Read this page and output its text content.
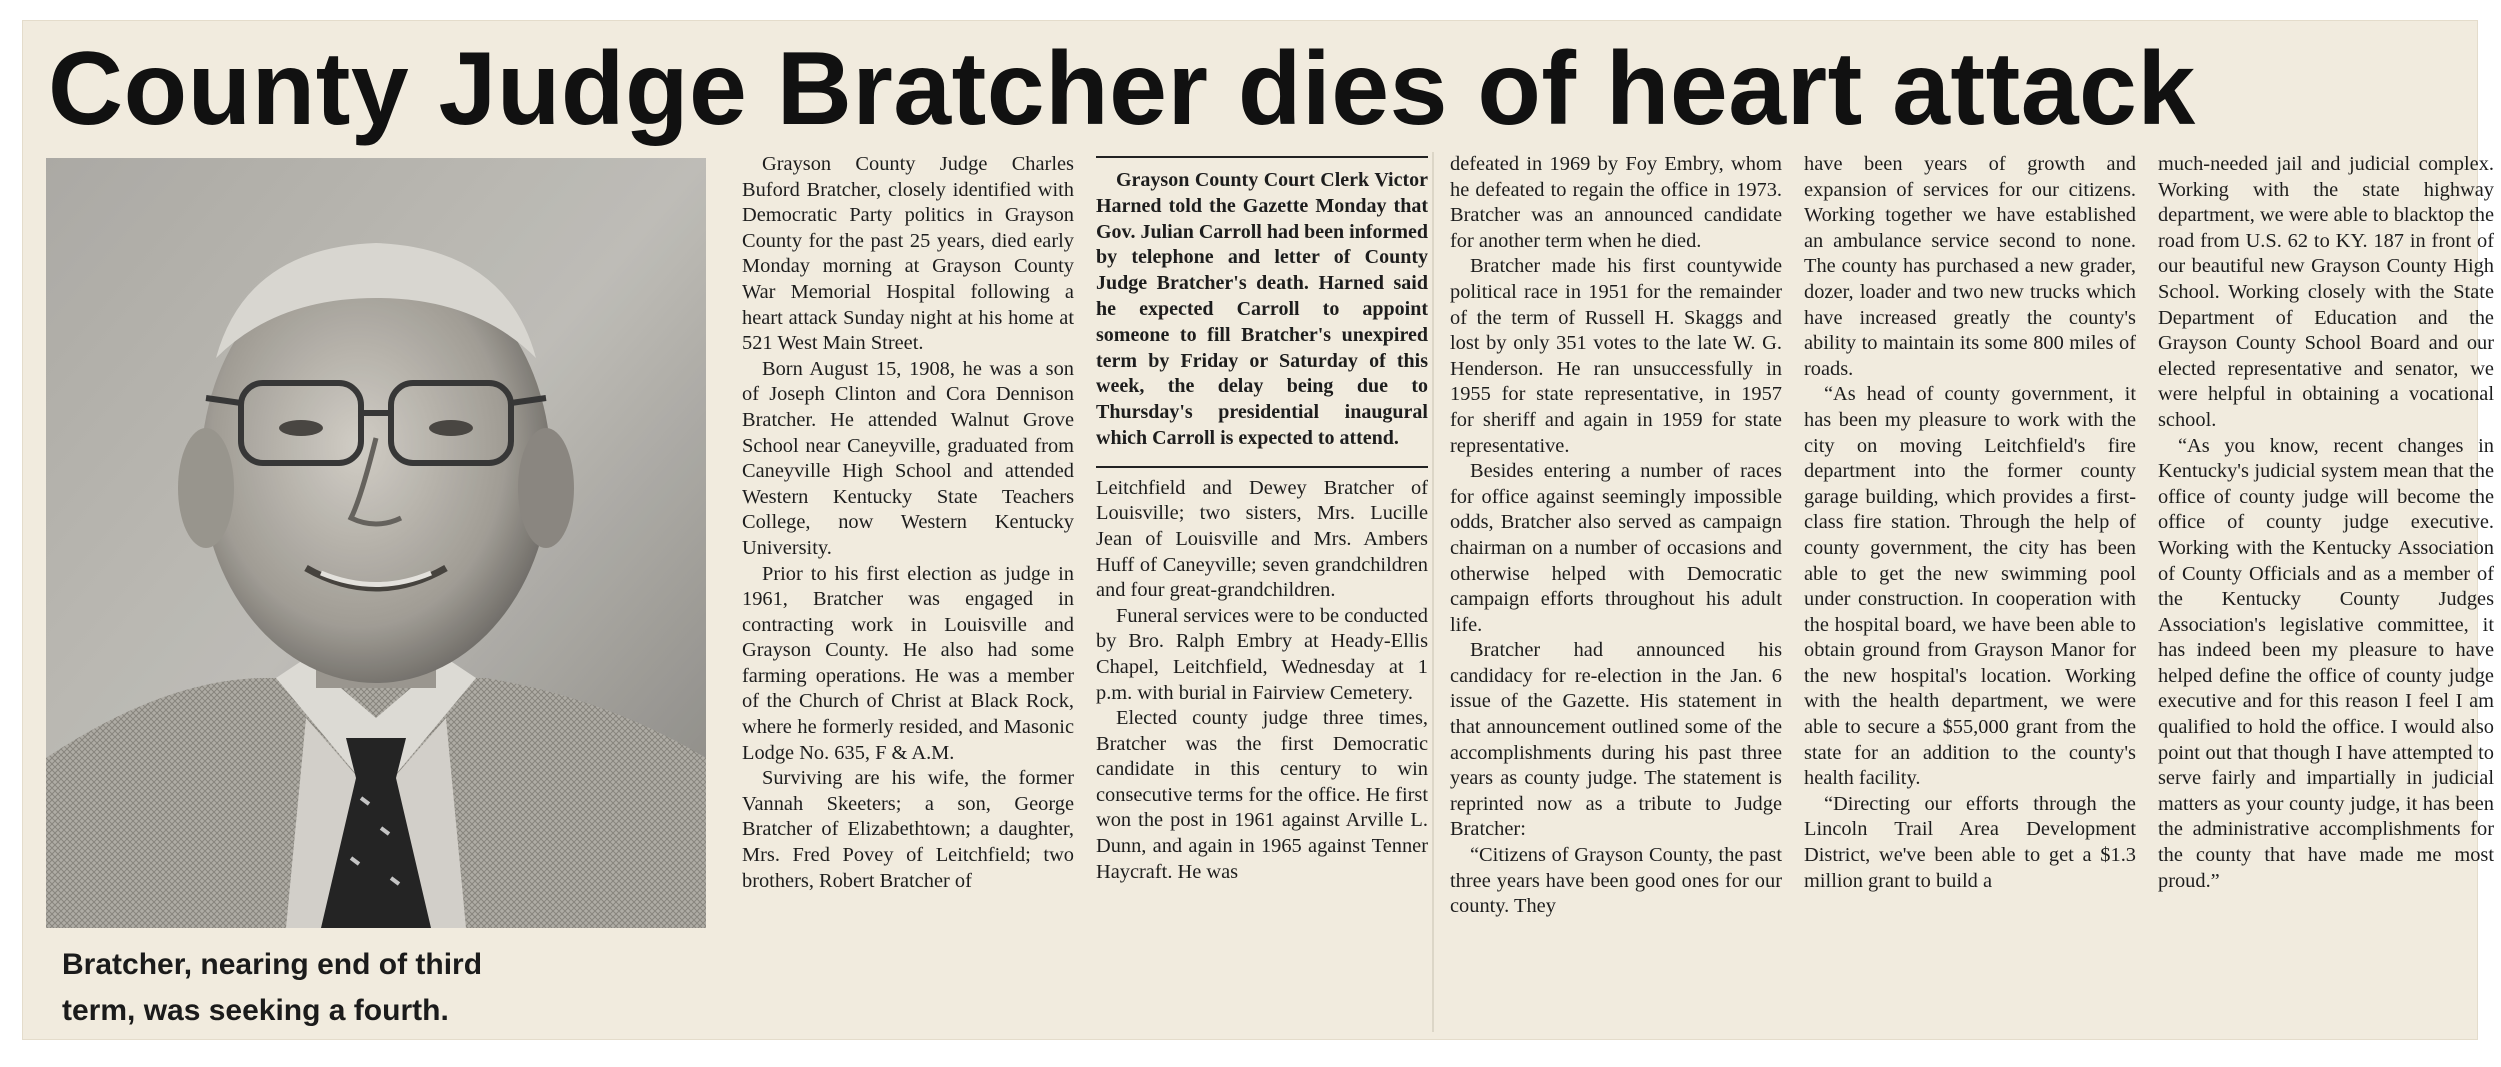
County Judge Bratcher dies of heart attack

Bratcher, nearing end of third
term, was seeking a fourth.

Grayson County Judge Charles Buford Bratcher, closely identified with Democratic Party politics in Grayson County for the past 25 years, died early Monday morning at Grayson County War Memorial Hospital following a heart attack Sunday night at his home at 521 West Main Street.

Born August 15, 1908, he was a son of Joseph Clinton and Cora Dennison Bratcher. He attended Walnut Grove School near Caneyville, graduated from Caneyville High School and attended Western Kentucky State Teachers College, now Western Kentucky University.

Prior to his first election as judge in 1961, Bratcher was engaged in contracting work in Louisville and Grayson County. He also had some farming operations. He was a member of the Church of Christ at Black Rock, where he formerly resided, and Masonic Lodge No. 635, F & A.M.

Surviving are his wife, the former Vannah Skeeters; a son, George Bratcher of Elizabethtown; a daughter, Mrs. Fred Povey of Leitchfield; two brothers, Robert Bratcher of

Grayson County Court Clerk Victor Harned told the Gazette Monday that Gov. Julian Carroll had been informed by telephone and letter of County Judge Bratcher's death. Harned said he expected Carroll to appoint someone to fill Bratcher's unexpired term by Friday or Saturday of this week, the delay being due to Thursday's presidential inaugural which Carroll is expected to attend.

Leitchfield and Dewey Bratcher of Louisville; two sisters, Mrs. Lucille Jean of Louisville and Mrs. Ambers Huff of Caneyville; seven grandchildren and four great-grandchildren.

Funeral services were to be conducted by Bro. Ralph Embry at Heady-Ellis Chapel, Leitchfield, Wednesday at 1 p.m. with burial in Fairview Cemetery.

Elected county judge three times, Bratcher was the first Democratic candidate in this century to win consecutive terms for the office. He first won the post in 1961 against Arville L. Dunn, and again in 1965 against Tenner Haycraft. He was

defeated in 1969 by Foy Embry, whom he defeated to regain the office in 1973. Bratcher was an announced candidate for another term when he died.

Bratcher made his first countywide political race in 1951 for the remainder of the term of Russell H. Skaggs and lost by only 351 votes to the late W. G. Henderson. He ran unsuccessfully in 1955 for state representative, in 1957 for sheriff and again in 1959 for state representative.

Besides entering a number of races for office against seemingly impossible odds, Bratcher also served as campaign chairman on a number of occasions and otherwise helped with Democratic campaign efforts throughout his adult life.

Bratcher had announced his candidacy for re-election in the Jan. 6 issue of the Gazette. His statement in that announcement outlined some of the accomplishments during his past three years as county judge. The statement is reprinted now as a tribute to Judge Bratcher:

“Citizens of Grayson County, the past three years have been good ones for our county. They

have been years of growth and expansion of services for our citizens. Working together we have established an ambulance service second to none. The county has purchased a new grader, dozer, loader and two new trucks which have increased greatly the county's ability to maintain its some 800 miles of roads.

“As head of county government, it has been my pleasure to work with the city on moving Leitchfield's fire department into the former county garage building, which provides a first-class fire station. Through the help of county government, the city has been able to get the new swimming pool under construction. In cooperation with the hospital board, we have been able to obtain ground from Grayson Manor for the new hospital's location. Working with the health department, we were able to secure a $55,000 grant from the state for an addition to the county's health facility.

“Directing our efforts through the Lincoln Trail Area Development District, we've been able to get a $1.3 million grant to build a

much-needed jail and judicial complex. Working with the state highway department, we were able to blacktop the road from U.S. 62 to KY. 187 in front of our beautiful new Grayson County High School. Working closely with the State Department of Education and the Grayson County School Board and our elected representative and senator, we were helpful in obtaining a vocational school.

“As you know, recent changes in Kentucky's judicial system mean that the office of county judge will become the office of county judge executive. Working with the Kentucky Association of County Officials and as a member of the Kentucky County Judges Association's legislative committee, it has indeed been my pleasure to have helped define the office of county judge executive and for this reason I feel I am qualified to hold the office. I would also point out that though I have attempted to serve fairly and impartially in judicial matters as your county judge, it has been the administrative accomplishments for the county that have made me most proud.”
